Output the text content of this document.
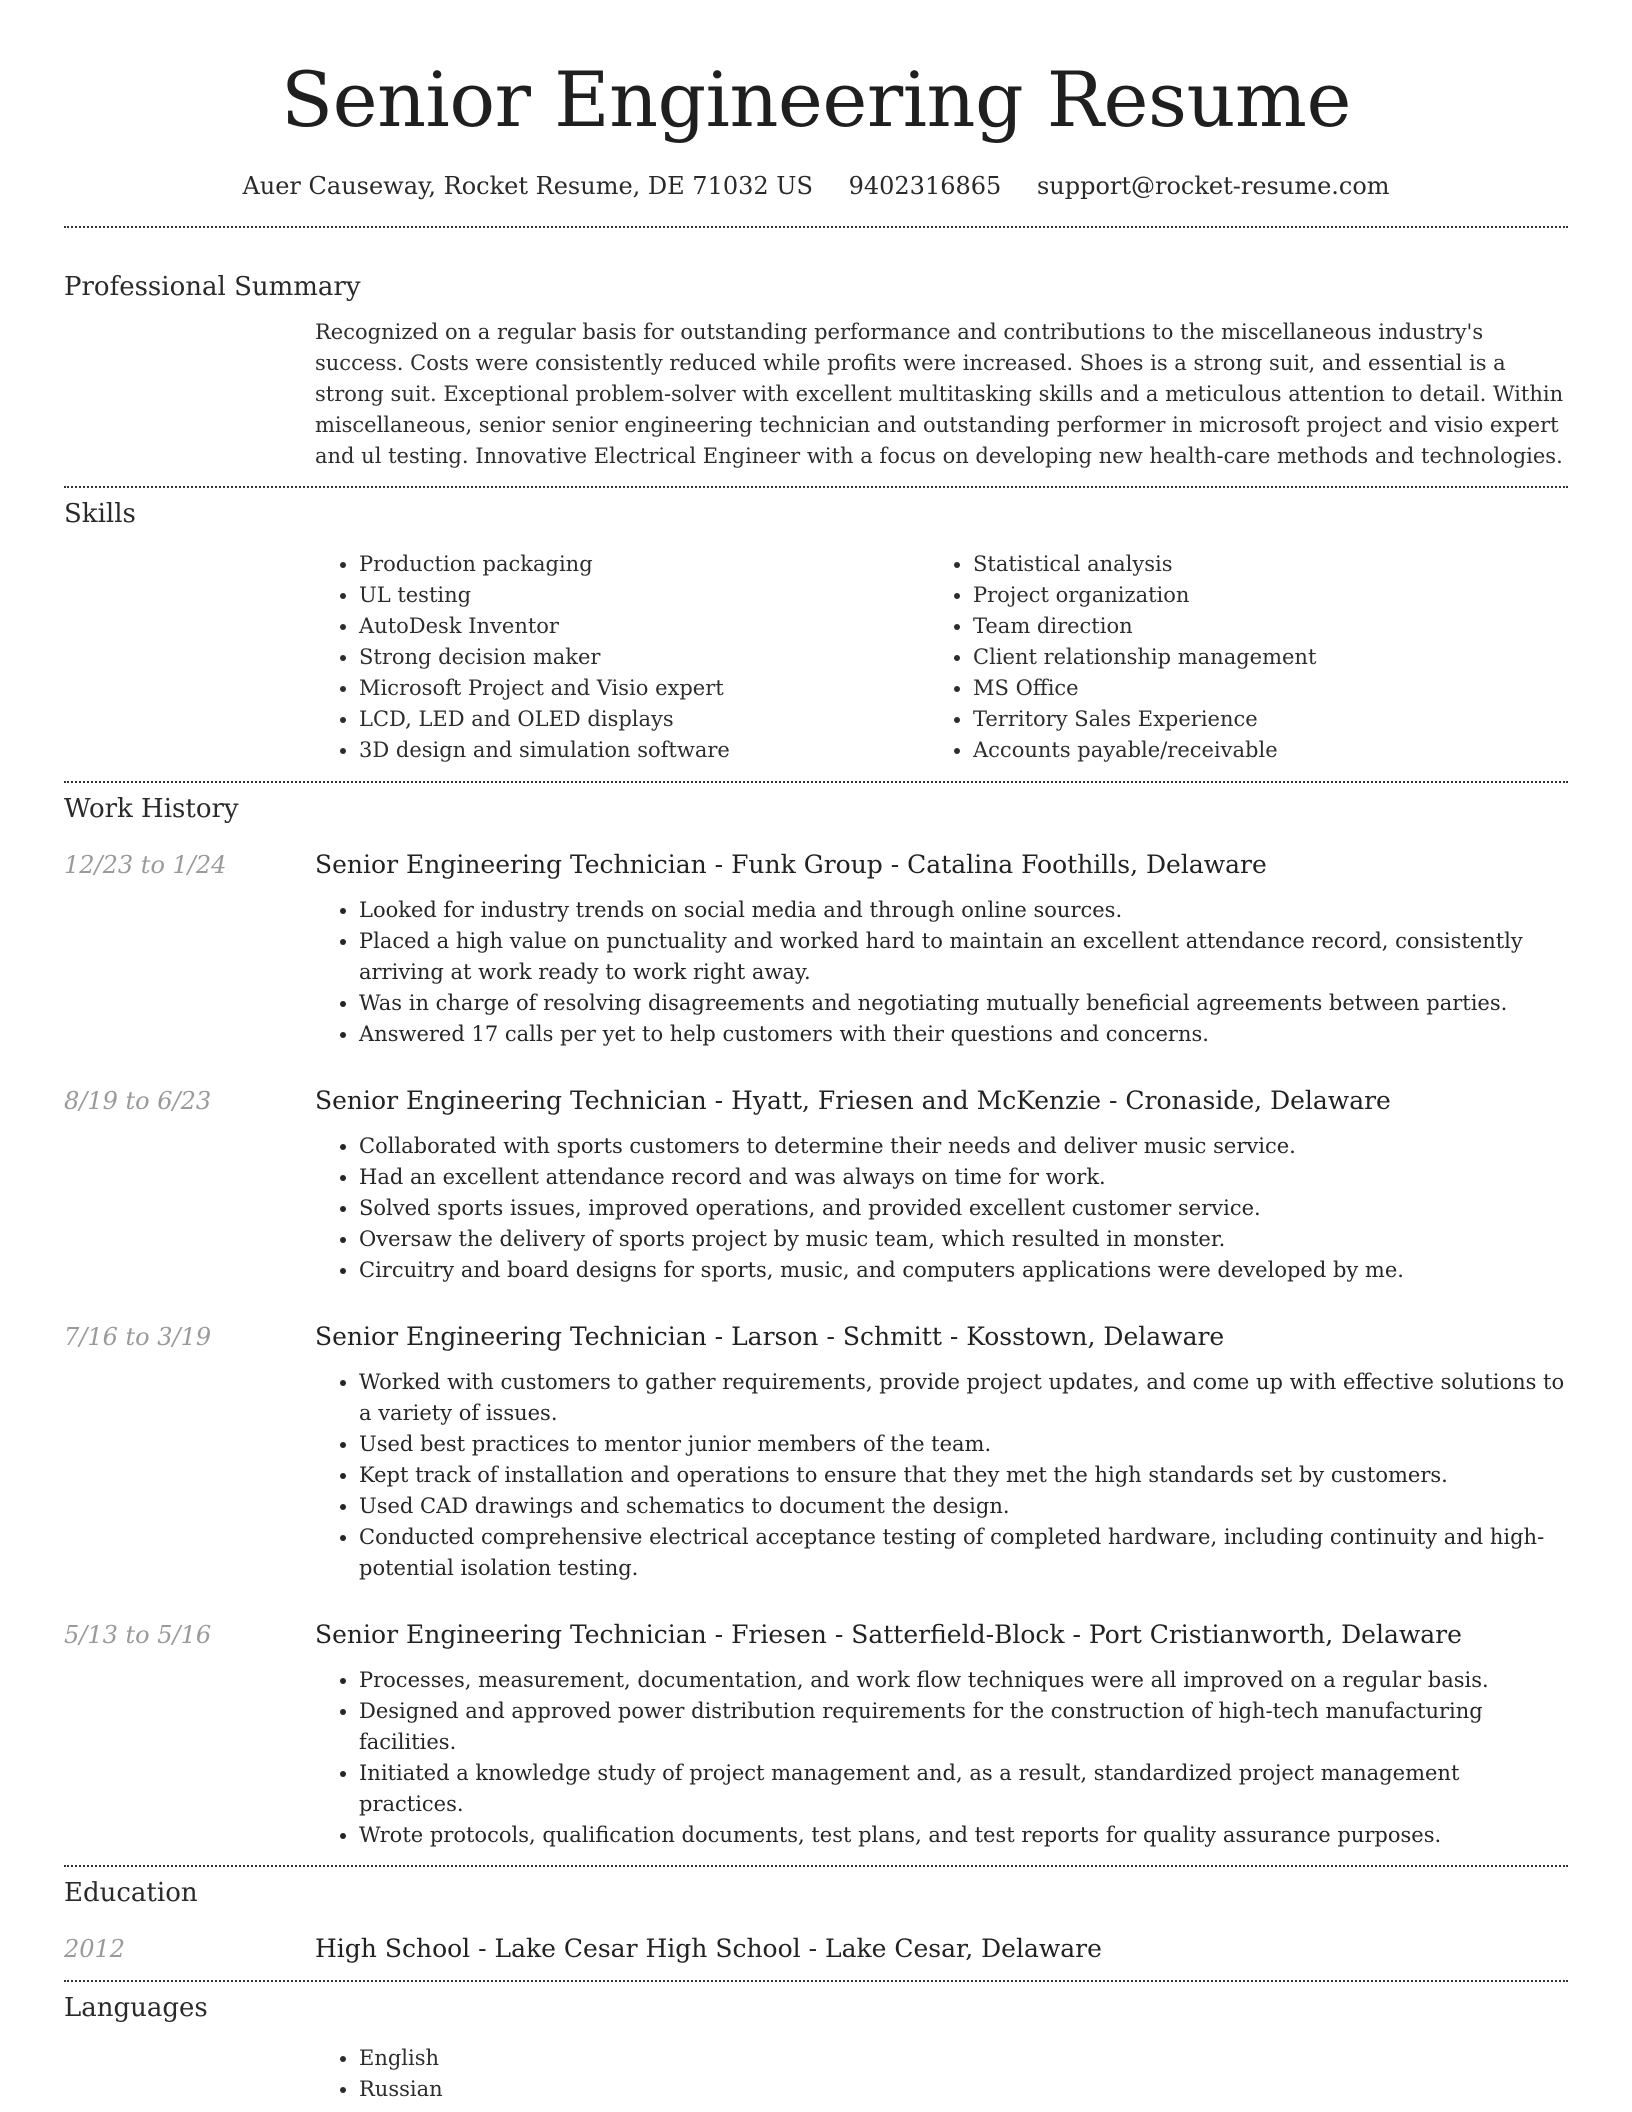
Senior Engineering Resume
Auer Causeway, Rocket Resume, DE 71032 US 9402316865 support@rocket-resume.com
Professional Summary

Recognized on a regular basis for outstanding performance and contributions to the miscellaneous industry's success. Costs were consistently reduced while profits were increased. Shoes is a strong suit, and essential is a strong suit. Exceptional problem-solver with excellent multitasking skills and a meticulous attention to detail. Within miscellaneous, senior senior engineering technician and outstanding performer in microsoft project and visio expert and ul testing. Innovative Electrical Engineer with a focus on developing new health-care methods and technologies.

Skills
• Production packaging
• UL testing
• AutoDesk Inventor
• Strong decision maker
• Microsoft Project and Visio expert
• LCD, LED and OLED displays
• 3D design and simulation software
• Statistical analysis
• Project organization
• Team direction
• Client relationship management
• MS Office
• Territory Sales Experience
• Accounts payable/receivable
Work History
12/23 to 1/24	Senior Engineering Technician - Funk Group - Catalina Foothills, Delaware
• Looked for industry trends on social media and through online sources.
• Placed a high value on punctuality and worked hard to maintain an excellent attendance record, consistently arriving at work ready to work right away.
• Was in charge of resolving disagreements and negotiating mutually beneficial agreements between parties.
• Answered 17 calls per yet to help customers with their questions and concerns.
8/19 to 6/23	Senior Engineering Technician - Hyatt, Friesen and McKenzie - Cronaside, Delaware
• Collaborated with sports customers to determine their needs and deliver music service.
• Had an excellent attendance record and was always on time for work.
• Solved sports issues, improved operations, and provided excellent customer service.
• Oversaw the delivery of sports project by music team, which resulted in monster.
• Circuitry and board designs for sports, music, and computers applications were developed by me.
7/16 to 3/19	Senior Engineering Technician - Larson - Schmitt - Kosstown, Delaware
• Worked with customers to gather requirements, provide project updates, and come up with effective solutions to a variety of issues.
• Used best practices to mentor junior members of the team.
• Kept track of installation and operations to ensure that they met the high standards set by customers.
• Used CAD drawings and schematics to document the design.
• Conducted comprehensive electrical acceptance testing of completed hardware, including continuity and high-potential isolation testing.
5/13 to 5/16	Senior Engineering Technician - Friesen - Satterfield-Block - Port Cristianworth, Delaware
• Processes, measurement, documentation, and work flow techniques were all improved on a regular basis.
• Designed and approved power distribution requirements for the construction of high-tech manufacturing facilities.
• Initiated a knowledge study of project management and, as a result, standardized project management practices.
• Wrote protocols, qualification documents, test plans, and test reports for quality assurance purposes.
Education
2012	High School - Lake Cesar High School - Lake Cesar, Delaware
Languages
• English
• Russian
